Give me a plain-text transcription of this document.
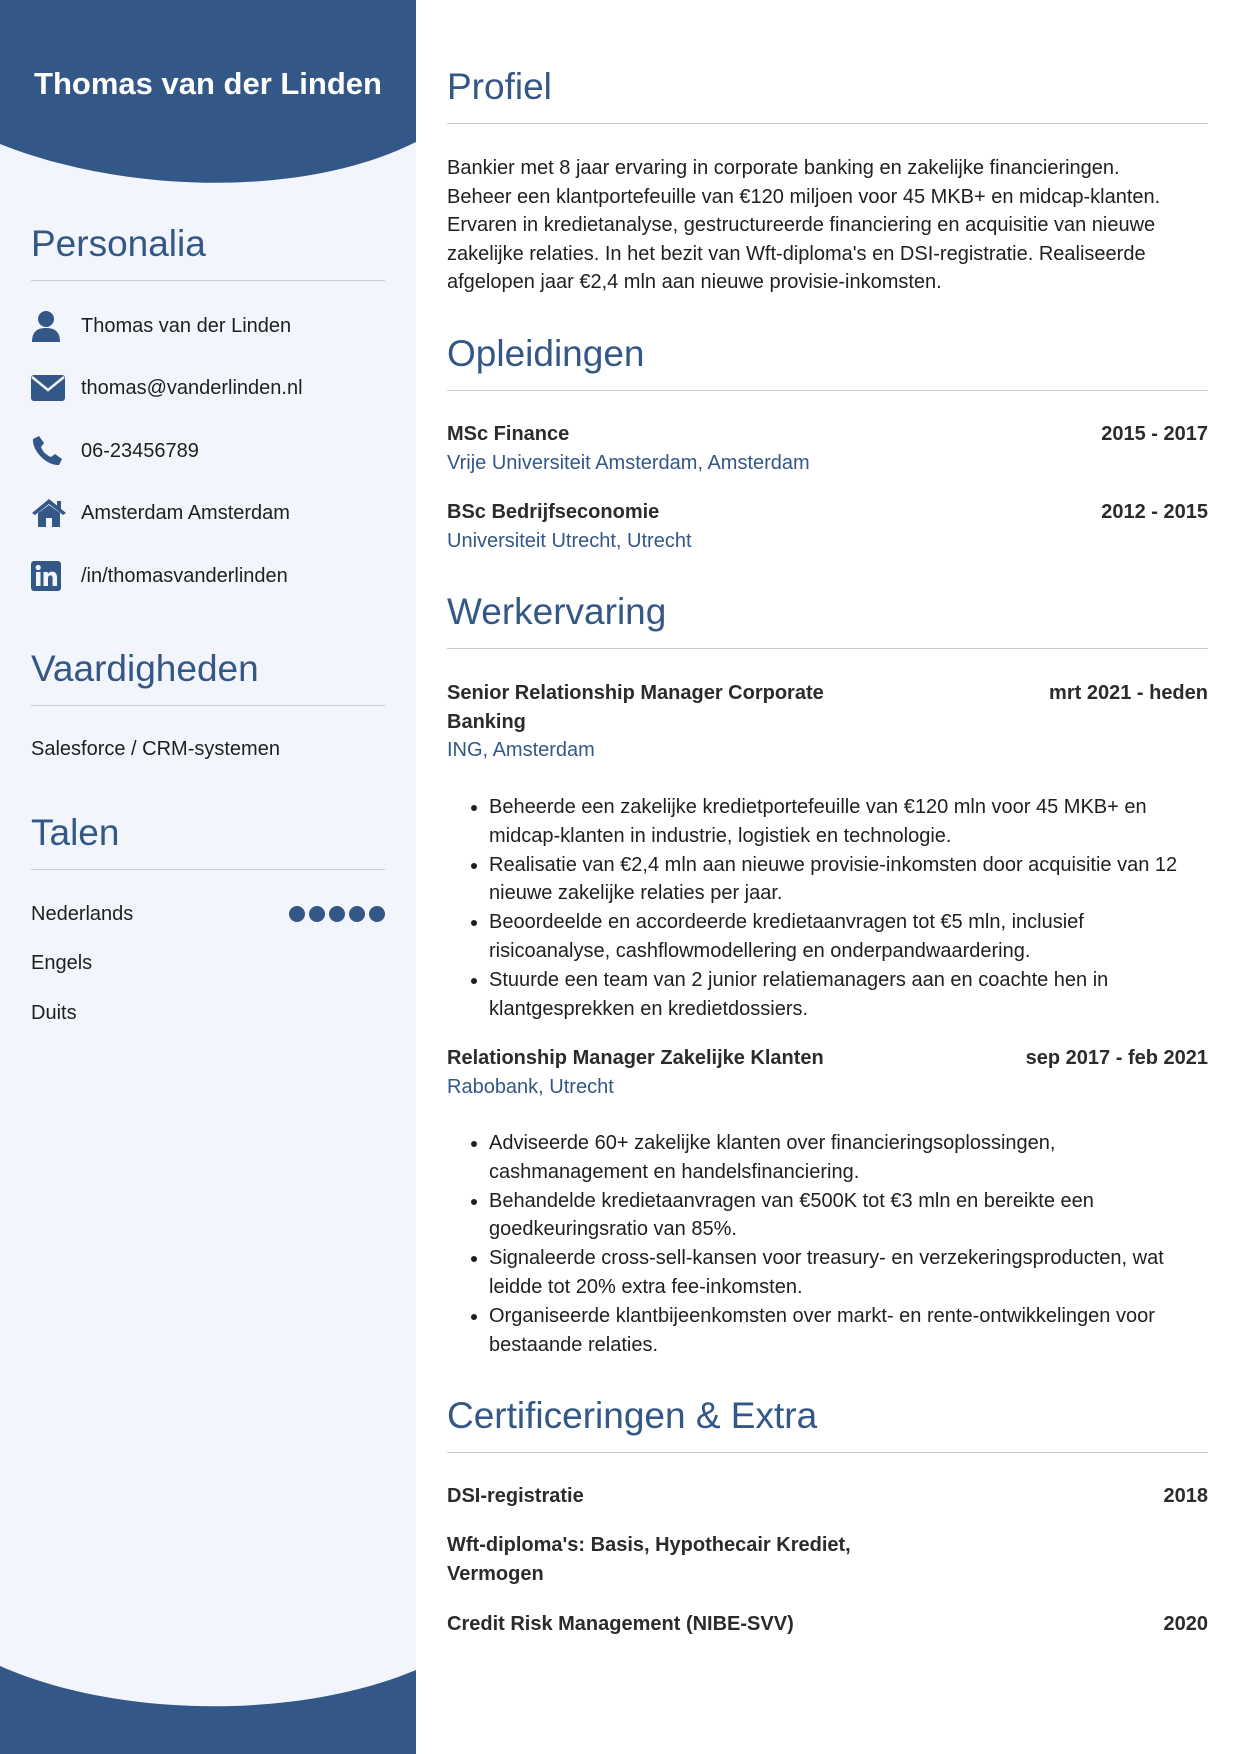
Thomas van der Linden
Personalia
Thomas van der Linden
thomas@vanderlinden.nl
06-23456789
Amsterdam Amsterdam
/in/thomasvanderlinden
Vaardigheden

Salesforce / CRM-systemen

Talen
Nederlands
Engels
Duits
Profiel

Bankier met 8 jaar ervaring in corporate banking en zakelijke financieringen.
Beheer een klantportefeuille van €120 miljoen voor 45 MKB+ en midcap-klanten.
Ervaren in kredietanalyse, gestructureerde financiering en acquisitie van nieuwe
zakelijke relaties. In het bezit van Wft-diploma's en DSI-registratie. Realiseerde
afgelopen jaar €2,4 mln aan nieuwe provisie-inkomsten.

Opleidingen

MSc Finance	2015 - 2017

Vrije Universiteit Amsterdam, Amsterdam

BSc Bedrijfseconomie	2012 - 2015

Universiteit Utrecht, Utrecht

Werkervaring

Senior Relationship Manager Corporate
Banking

mrt 2021 - heden

ING, Amsterdam

• Beheerde een zakelijke kredietportefeuille van €120 mln voor 45 MKB+ en
midcap-klanten in industrie, logistiek en technologie.
• Realisatie van €2,4 mln aan nieuwe provisie-inkomsten door acquisitie van 12
nieuwe zakelijke relaties per jaar.
• Beoordeelde en accordeerde kredietaanvragen tot €5 mln, inclusief
risicoanalyse, cashflowmodellering en onderpandwaardering.
• Stuurde een team van 2 junior relatiemanagers aan en coachte hen in
klantgesprekken en kredietdossiers.

Relationship Manager Zakelijke Klanten	sep 2017 - feb 2021

Rabobank, Utrecht

• Adviseerde 60+ zakelijke klanten over financieringsoplossingen,
cashmanagement en handelsfinanciering.
• Behandelde kredietaanvragen van €500K tot €3 mln en bereikte een
goedkeuringsratio van 85%.
• Signaleerde cross-sell-kansen voor treasury- en verzekeringsproducten, wat
leidde tot 20% extra fee-inkomsten.
• Organiseerde klantbijeenkomsten over markt- en rente-ontwikkelingen voor
bestaande relaties.
Certificeringen & Extra

DSI-registratie	2018

Wft-diploma's: Basis, Hypothecair Krediet,
Vermogen

Credit Risk Management (NIBE-SVV)	2020
